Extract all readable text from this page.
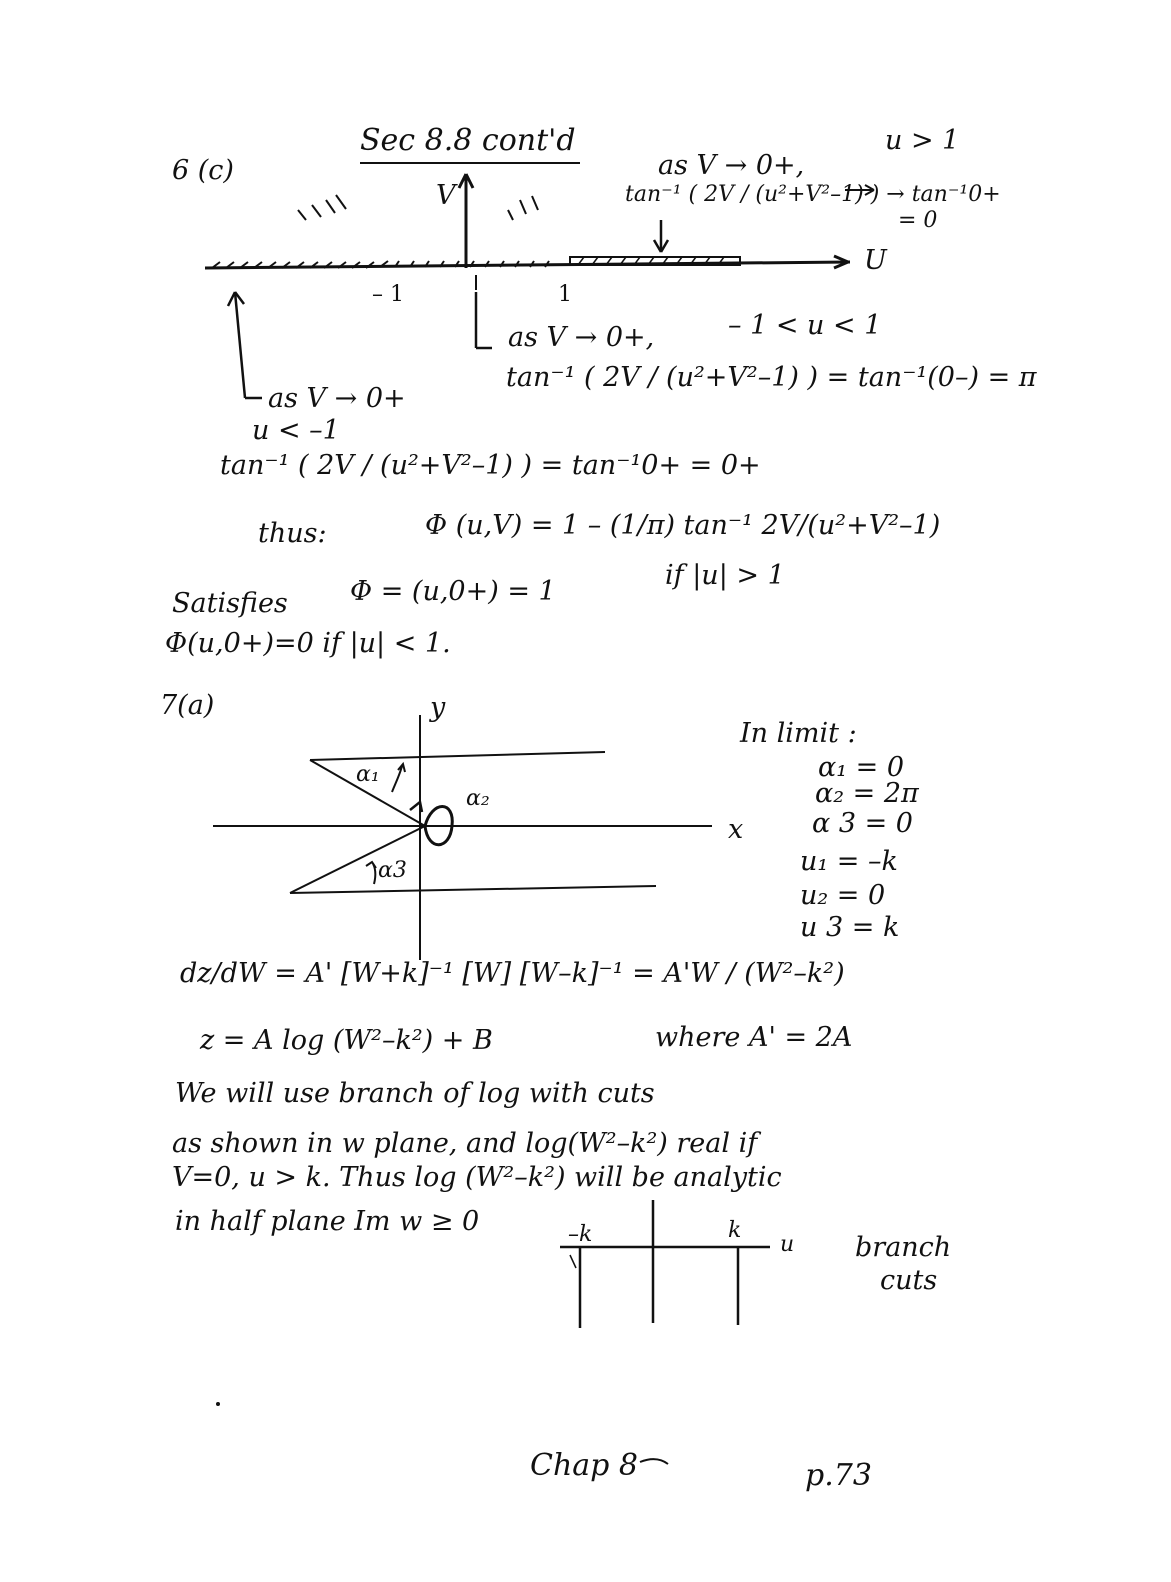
6 (c)
Sec 8.8 cont'd
V
U
– 1	1
as V → 0+,
u > 1
tan⁻¹ ( 2V / (u²+V²–1) ) → tan⁻¹0+
= 0
as V → 0+,	– 1 < u < 1
tan⁻¹ ( 2V / (u²+V²–1) ) = tan⁻¹(0–) = π
as V → 0+
u < –1
tan⁻¹ ( 2V / (u²+V²–1) ) = tan⁻¹0+ = 0+
thus:	Φ (u,V) = 1 – (1/π) tan⁻¹ 2V/(u²+V²–1)
Satisfies Φ = (u,0+) = 1
if |u| > 1
Φ(u,0+)=0 if |u| < 1.
7(a)	y
x
α₁
α₂
α3
In limit :
α₁ = 0
α₂ = 2π
α 3 = 0
u₁ = –k
u₂ = 0
u 3 = k
dz/dW = A' [W+k]⁻¹ [W] [W–k]⁻¹ = A'W / (W²–k²)
z = A log (W²–k²) + B	where A' = 2A
We will use branch of log with cuts
as shown in w plane, and log(W²–k²) real if
V=0, u > k. Thus log (W²–k²) will be analytic
in half plane Im w ≥ 0	–k	k
u branch
cuts
Chap 8	p.73
